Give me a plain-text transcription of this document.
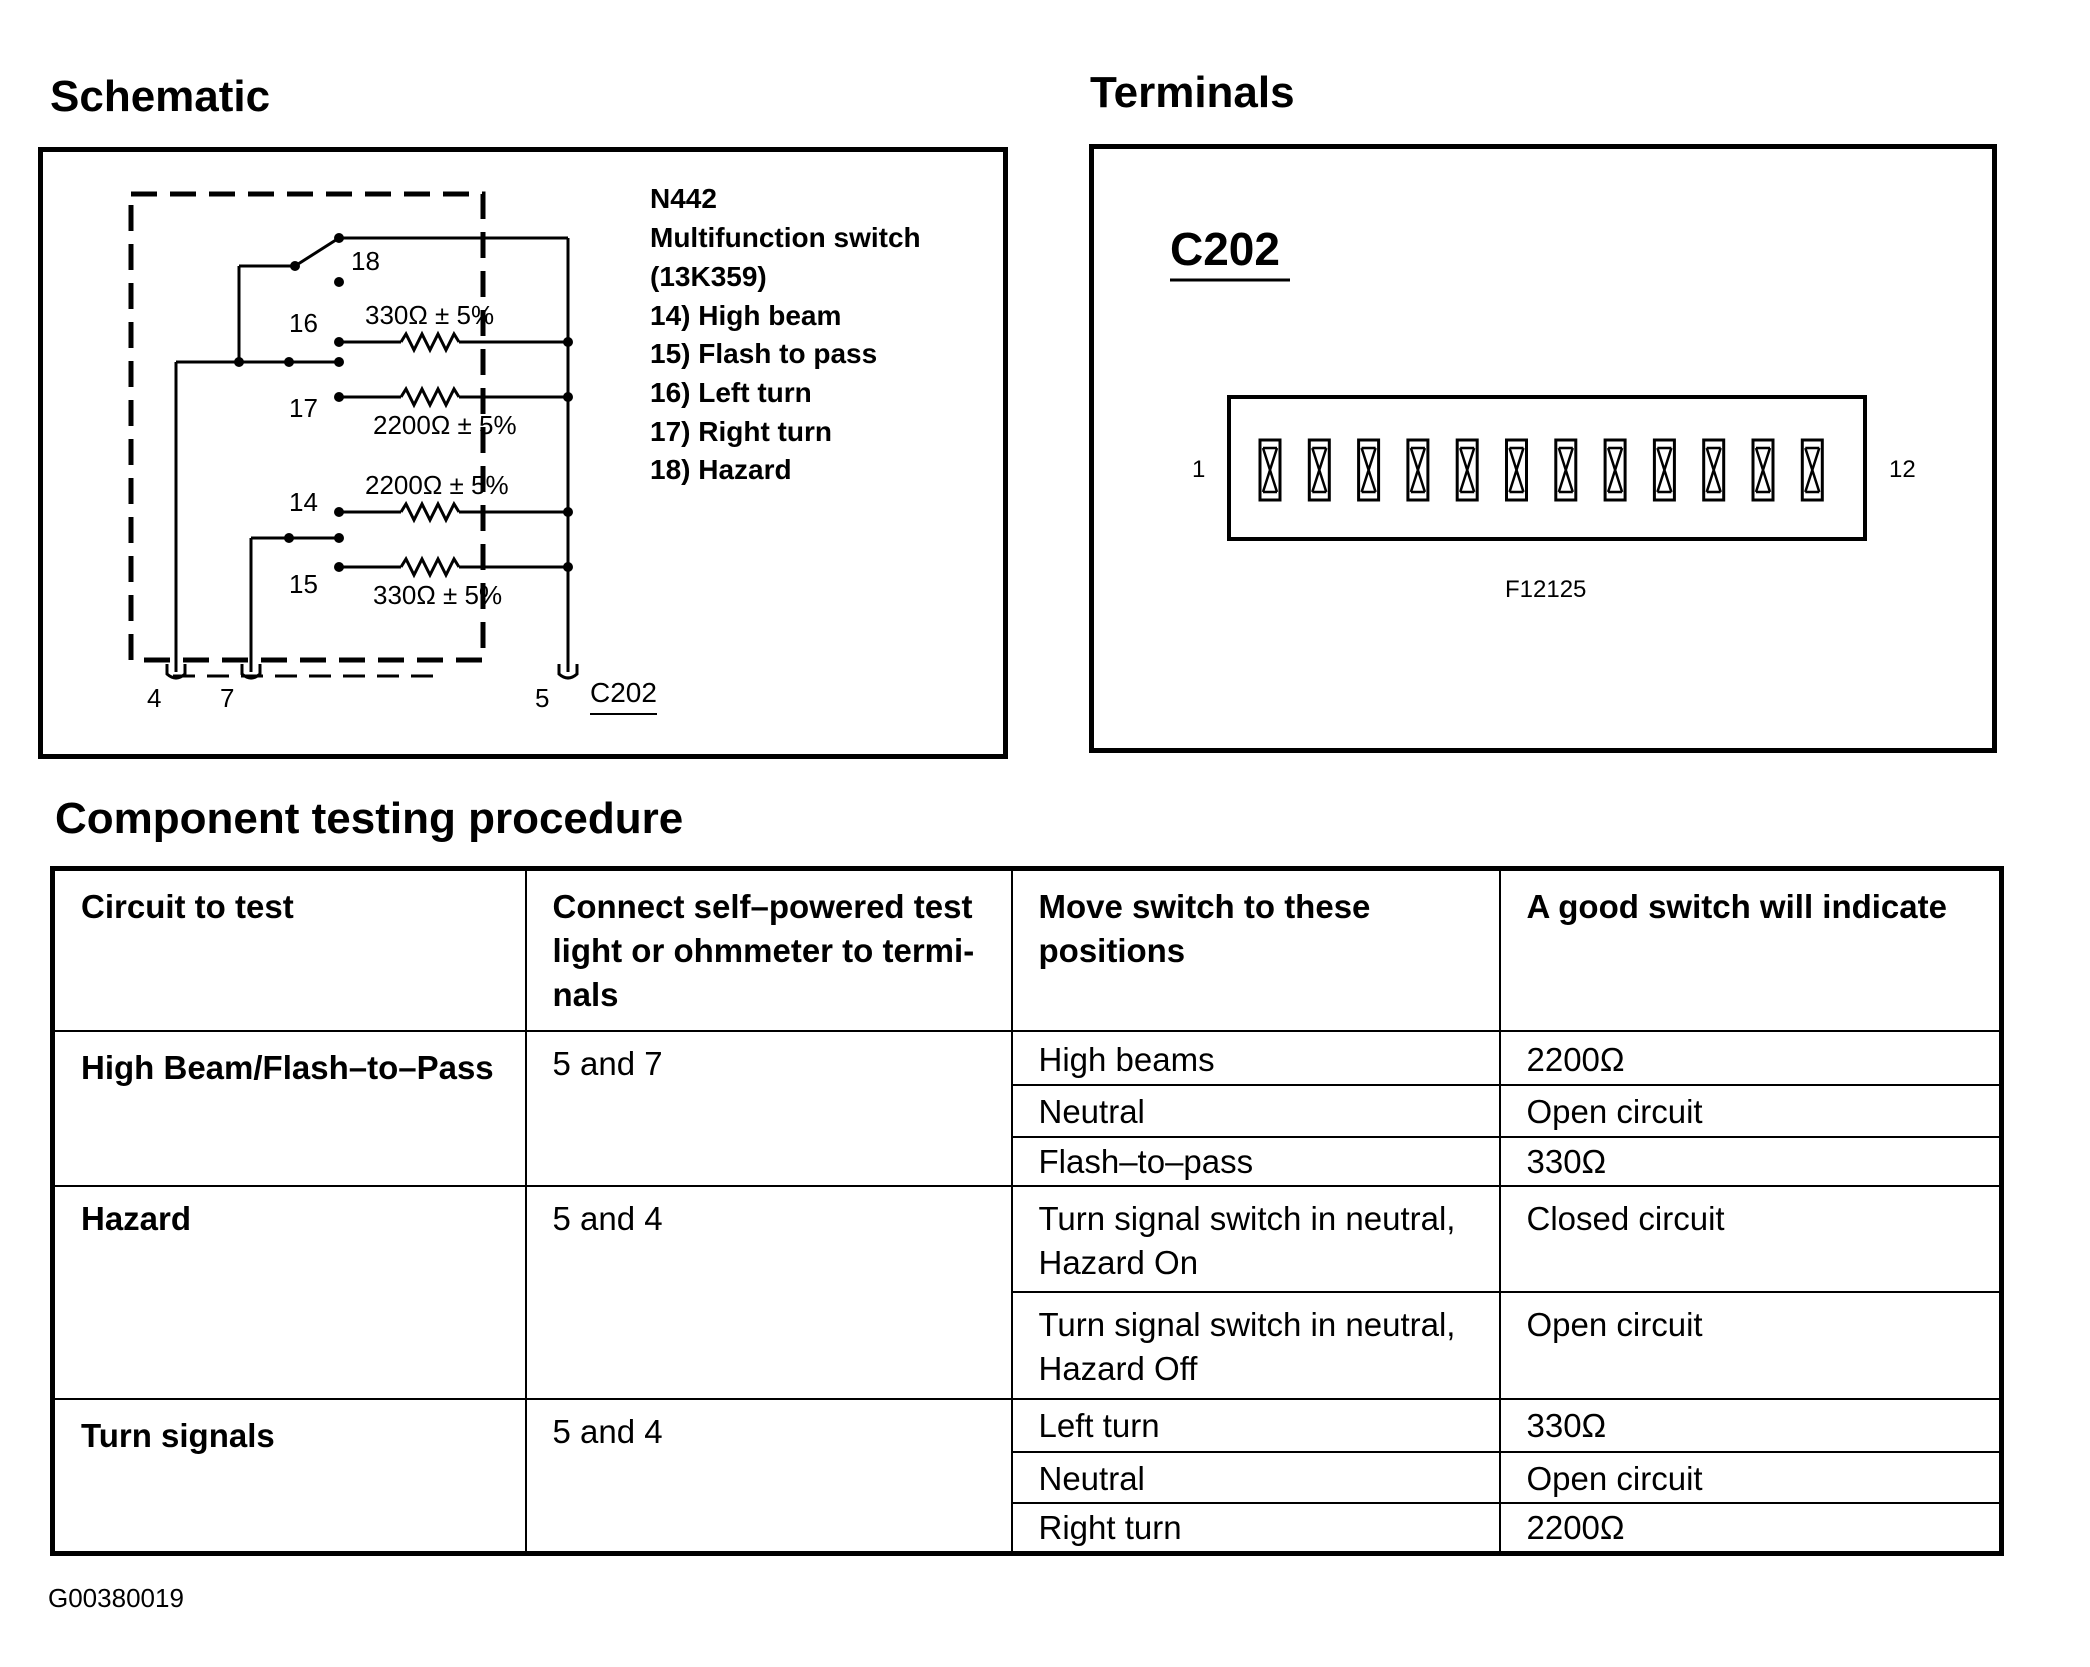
Schematic	Terminals
18
16
17
14
15
330Ω ± 5%
2200Ω ± 5%
2200Ω ± 5%
330Ω ± 5%
4 7	5 C202
N442
Multifunction switch
(13K359)
14) High beam
15) Flash to pass
16) Left turn
17) Right turn
18) Hazard
C202
1	12
F12125
Component testing procedure
Circuit to test	Connect self–powered test light or ohmmeter to termi-nals	Move switch to these positions	A good switch will indicate
High Beam/Flash–to–Pass	5 and 7	High beams	2200Ω
		Neutral	Open circuit
		Flash–to–pass	330Ω
Hazard	5 and 4	Turn signal switch in neutral, Hazard On	Closed circuit
		Turn signal switch in neutral, Hazard Off	Open circuit
Turn signals	5 and 4	Left turn	330Ω
		Neutral	Open circuit
		Right turn	2200Ω
G00380019
